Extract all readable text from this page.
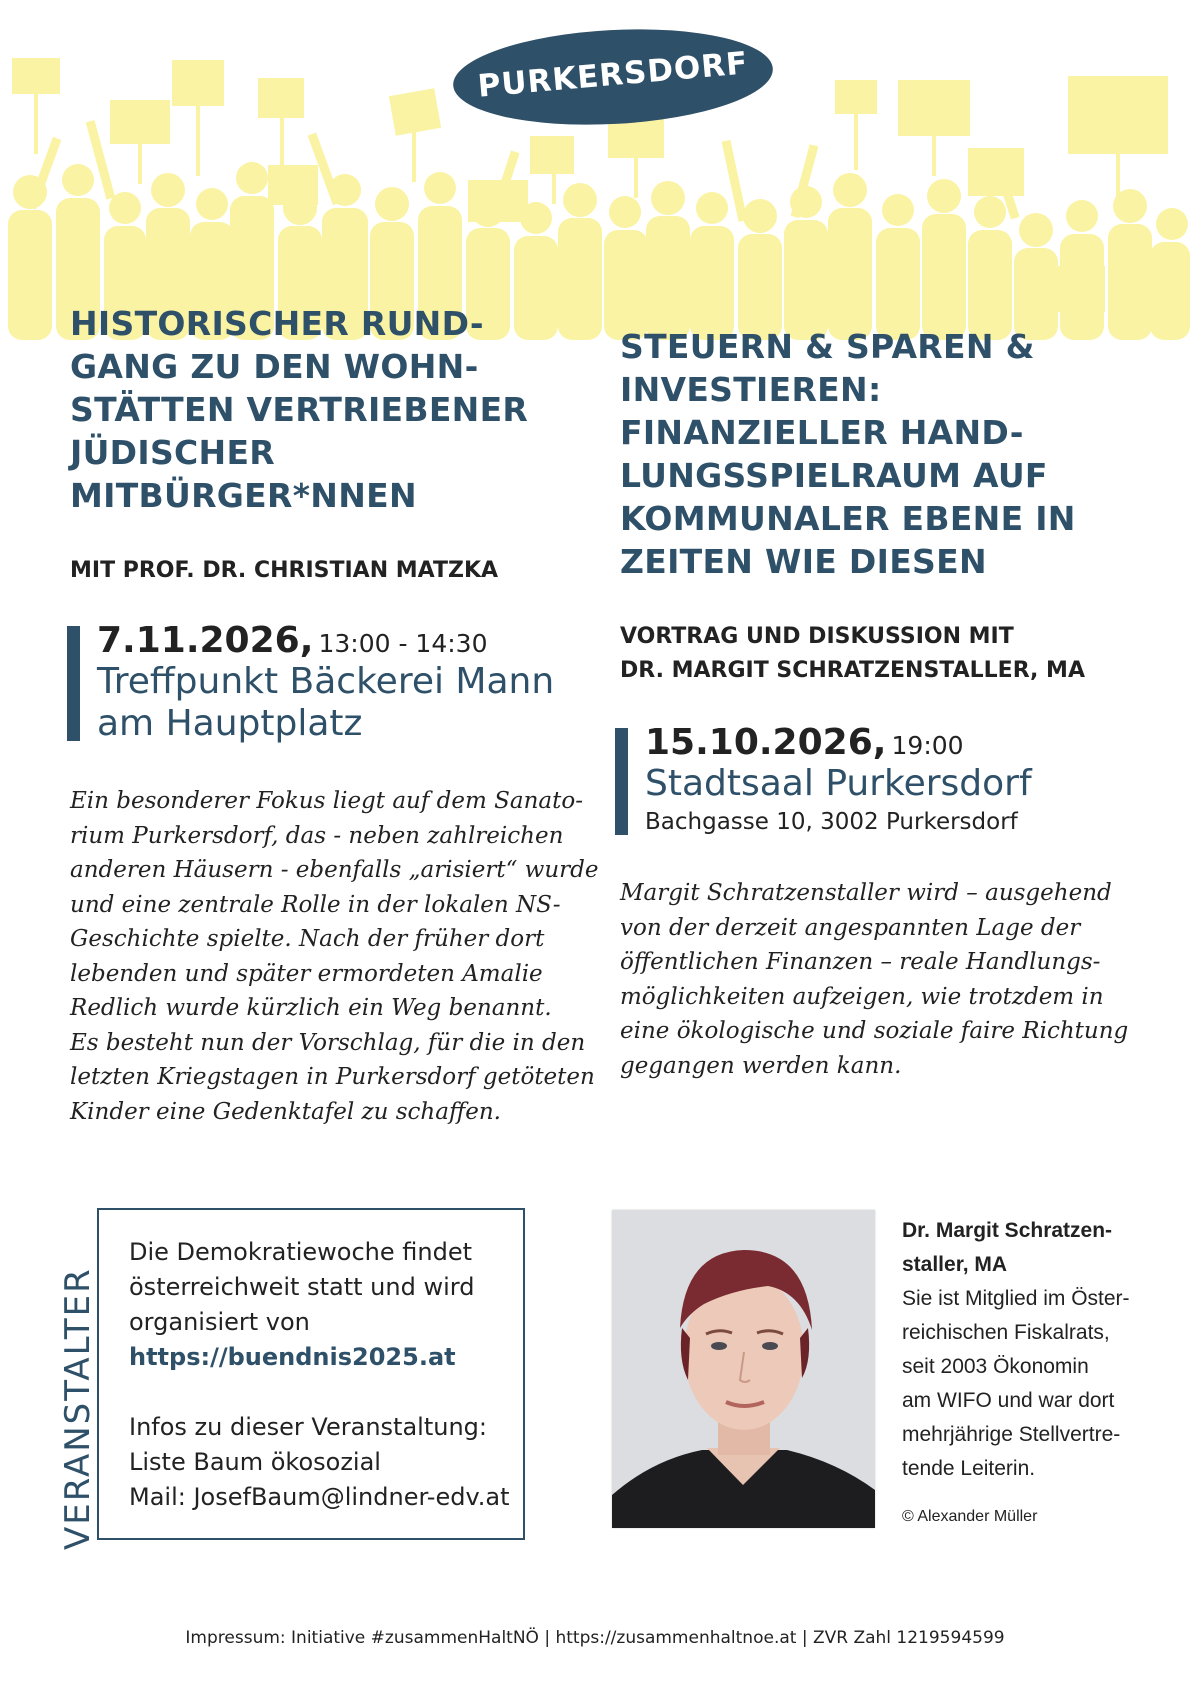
PURKERSDORF
HISTORISCHER RUND-
GANG ZU DEN WOHN-
STÄTTEN VERTRIEBENER
JÜDISCHER
MITBÜRGER*NNEN

MIT PROF. DR. CHRISTIAN MATZKA

7.11.2026, 13:00 - 14:30
Treffpunkt Bäckerei Mann
am Hauptplatz

Ein besonderer Fokus liegt auf dem Sanato-
rium Purkersdorf, das - neben zahlreichen
anderen Häusern - ebenfalls „arisiert“ wurde
und eine zentrale Rolle in der lokalen NS-
Geschichte spielte. Nach der früher dort
lebenden und später ermordeten Amalie
Redlich wurde kürzlich ein Weg benannt.
Es besteht nun der Vorschlag, für die in den
letzten Kriegstagen in Purkersdorf getöteten
Kinder eine Gedenktafel zu schaffen.

STEUERN & SPAREN &
INVESTIEREN:
FINANZIELLER HAND-
LUNGSSPIELRAUM AUF
KOMMUNALER EBENE IN
ZEITEN WIE DIESEN

VORTRAG UND DISKUSSION MIT
DR. MARGIT SCHRATZENSTALLER, MA

15.10.2026, 19:00
Stadtsaal Purkersdorf
Bachgasse 10, 3002 Purkersdorf

Margit Schratzenstaller wird – ausgehend
von der derzeit angespannten Lage der
öffentlichen Finanzen – reale Handlungs-
möglichkeiten aufzeigen, wie trotzdem in
eine ökologische und soziale faire Richtung
gegangen werden kann.

VERANSTALTER

Die Demokratiewoche findet
österreichweit statt und wird
organisiert von

https://buendnis2025.at

Infos zu dieser Veranstaltung:

Liste Baum ökosozial

Mail: JosefBaum@lindner-edv.at

Dr. Margit Schratzen-
staller, MA

Sie ist Mitglied im Öster-
reichischen Fiskalrats,
seit 2003 Ökonomin
am WIFO und war dort
mehrjährige Stellvertre-
tende Leiterin.

© Alexander Müller

Impressum: Initiative #zusammenHaltNÖ | https://zusammenhaltnoe.at | ZVR Zahl 1219594599
